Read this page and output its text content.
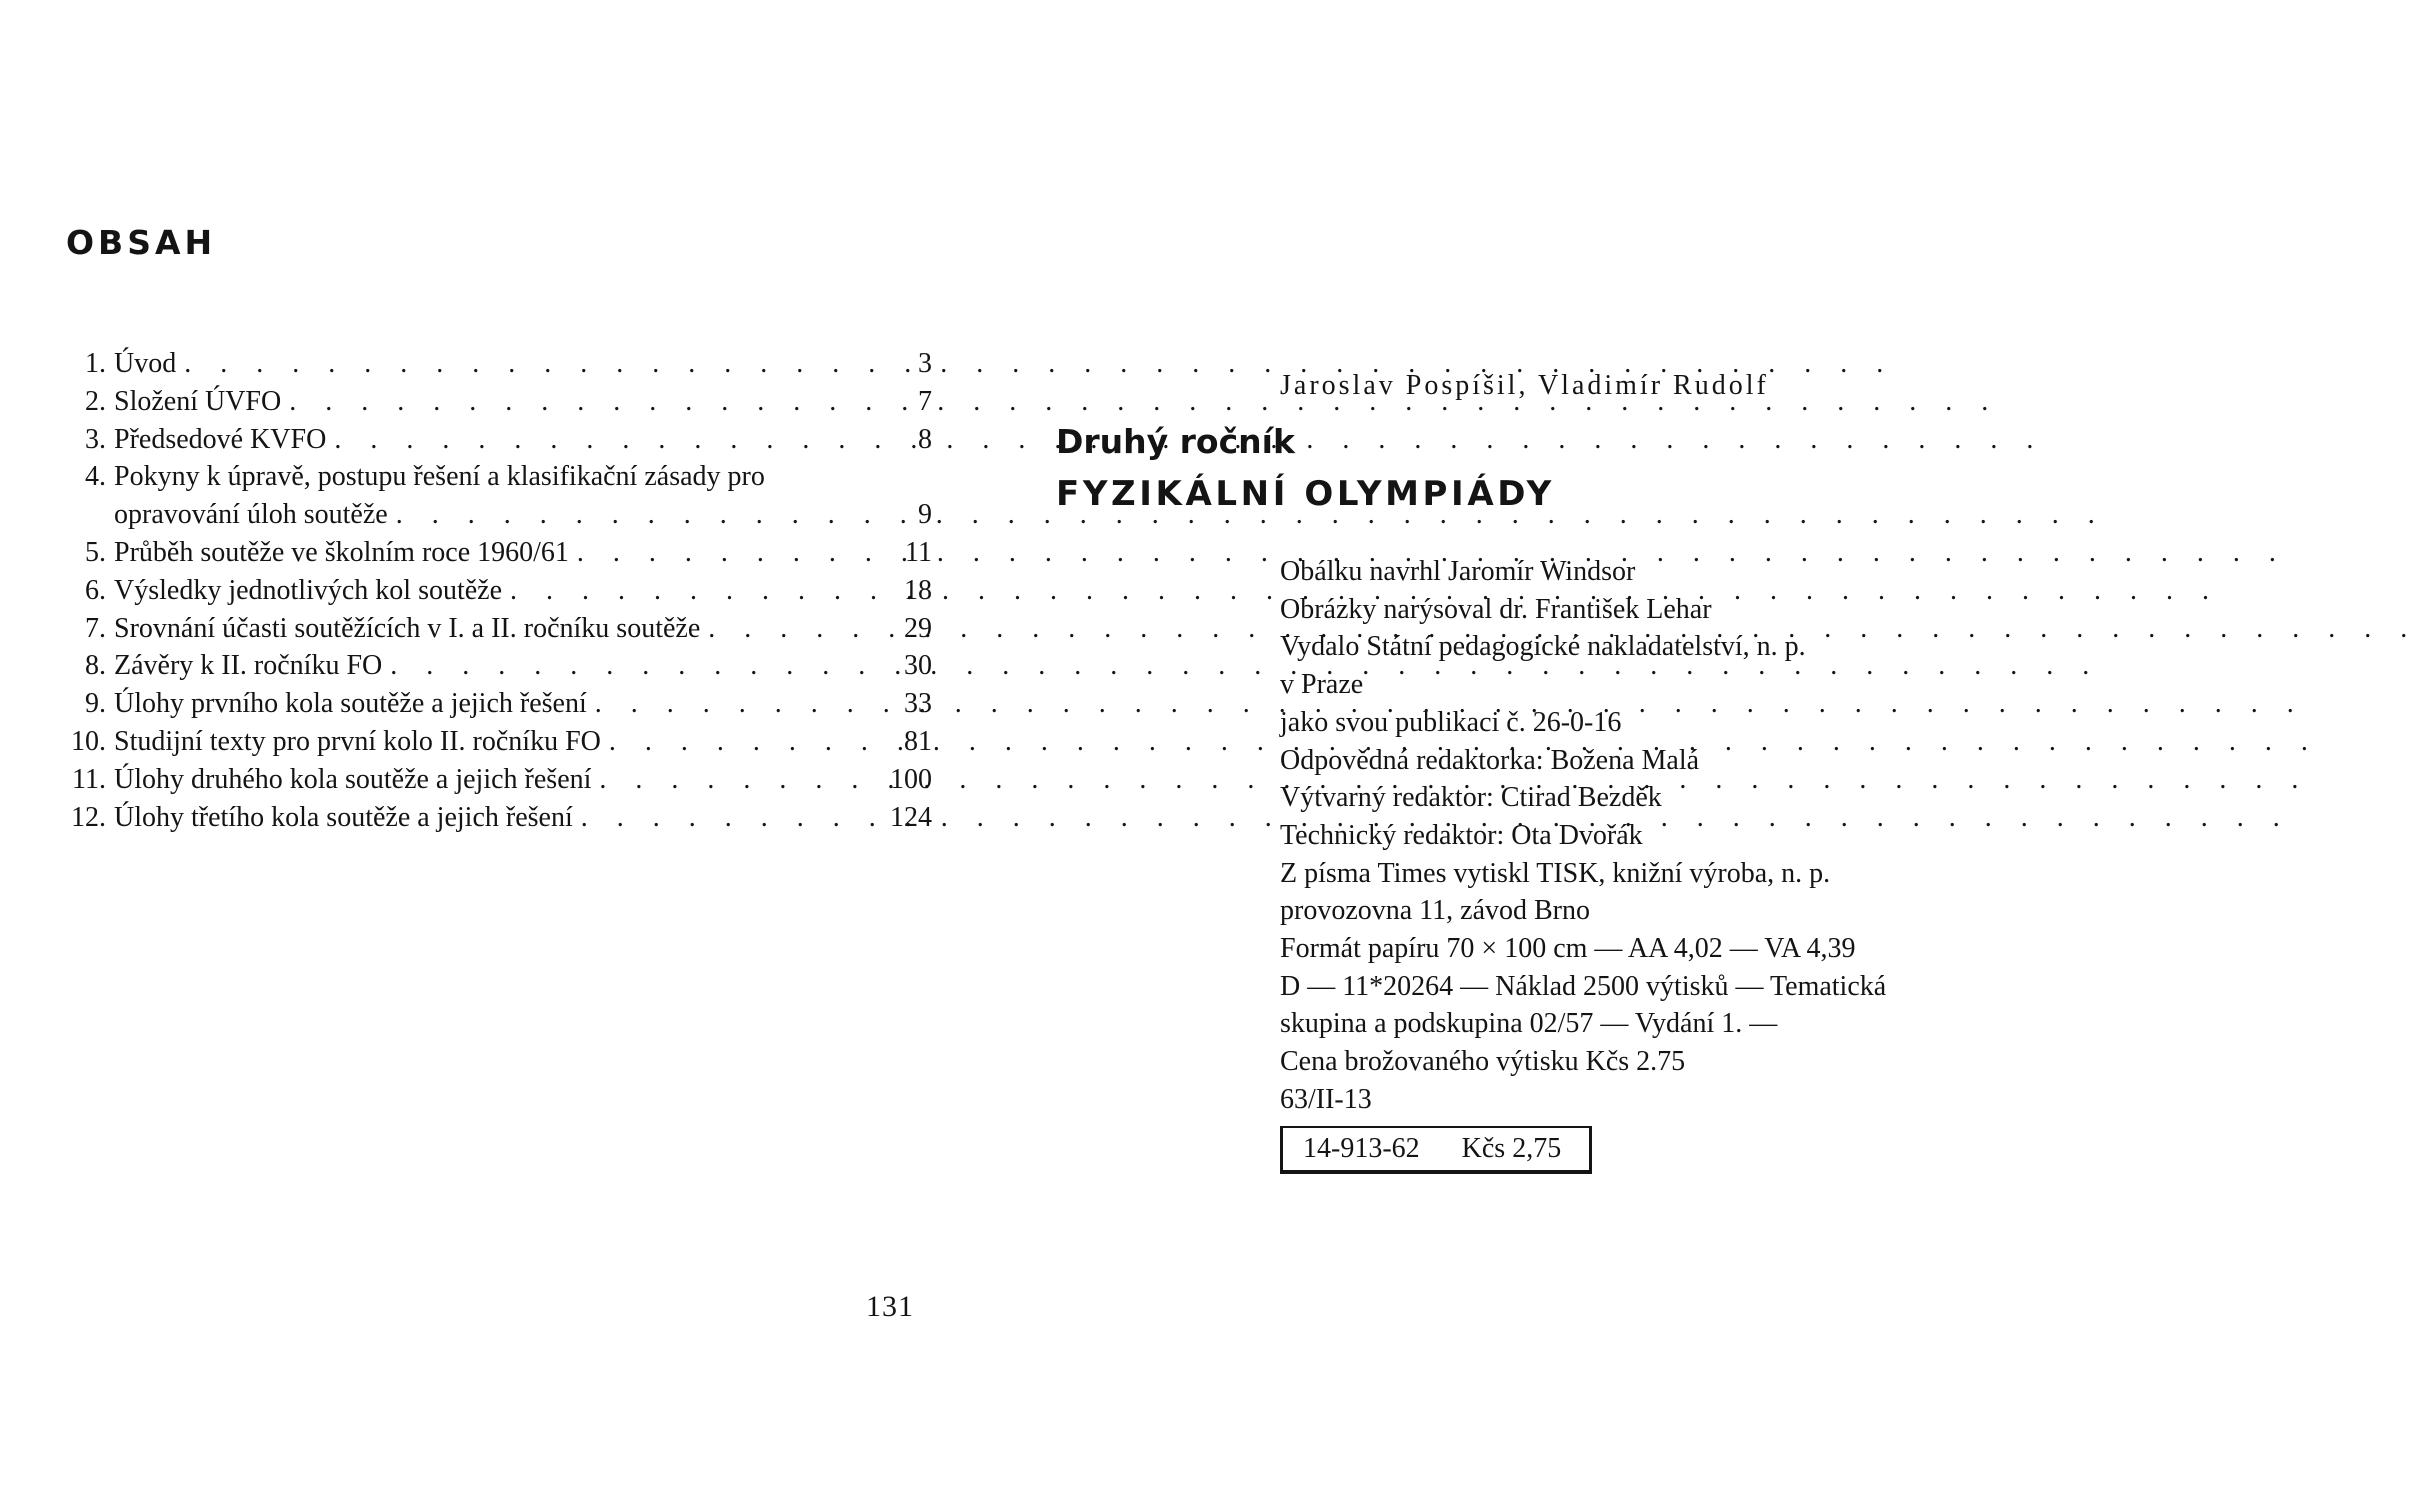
OBSAH
1. Úvod . . .	3
2. Složení ÚVFO . . .	7
3. Předsedové KVFO . . .	8
4. Pokyny k úpravě, postupu řešení a klasifikační zásady pro
opravování úloh soutěže . . .	9
5. Průběh soutěže ve školním roce 1960/61 . . .	11
6. Výsledky jednotlivých kol soutěže . . .	18
7. Srovnání účasti soutěžících v I. a II. ročníku soutěže . . .	29
8. Závěry k II. ročníku FO . . .	30
9. Úlohy prvního kola soutěže a jejich řešení . . .	33
10. Studijní texty pro první kolo II. ročníku FO . . .	81
11. Úlohy druhého kola soutěže a jejich řešení . . .	100
12. Úlohy třetího kola soutěže a jejich řešení . . .	124
131
Jaroslav Pospíšil, Vladimír Rudolf
Druhý ročník
FYZIKÁLNÍ OLYMPIÁDY
Obálku navrhl Jaromír Windsor
Obrázky narýsoval dr. František Lehar
Vydalo Státní pedagogické nakladatelství, n. p.
v Praze
jako svou publikaci č. 26-0-16
Odpovědná redaktorka: Božena Malá
Výtvarný redaktor: Ctirad Bezděk
Technický redaktor: Ota Dvořák
Z písma Times vytiskl TISK, knižní výroba, n. p.
provozovna 11, závod Brno
Formát papíru 70 × 100 cm — AA 4,02 — VA 4,39
D — 11*20264 — Náklad 2500 výtisků — Tematická
skupina a podskupina 02/57 — Vydání 1. —
Cena brožovaného výtisku Kčs 2.75
63/II-13
14-913-62 Kčs 2,75
